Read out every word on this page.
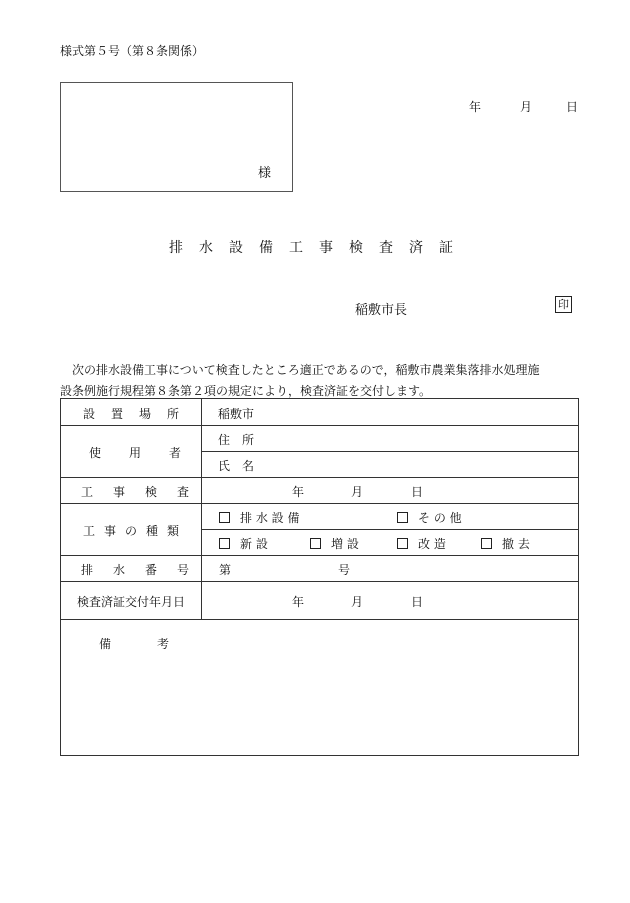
様式第５号（第８条関係）
様
年	月	日
排水設備工事検査済証
稲敷市長	印
次の排水設備工事について検査したところ適正であるので，稲敷市農業集落排水処理施
設条例施行規程第８条第２項の規定により，検査済証を交付します。
設置場所	稲敷市
使用者
住　所
氏　名
工事検査	年	月	日
工事の種類
排 水 設 備	そ の 他
新 設	増 設	改 造	撤 去
排水番号 第	号
検査済証交付年月日	年	月	日
備考
